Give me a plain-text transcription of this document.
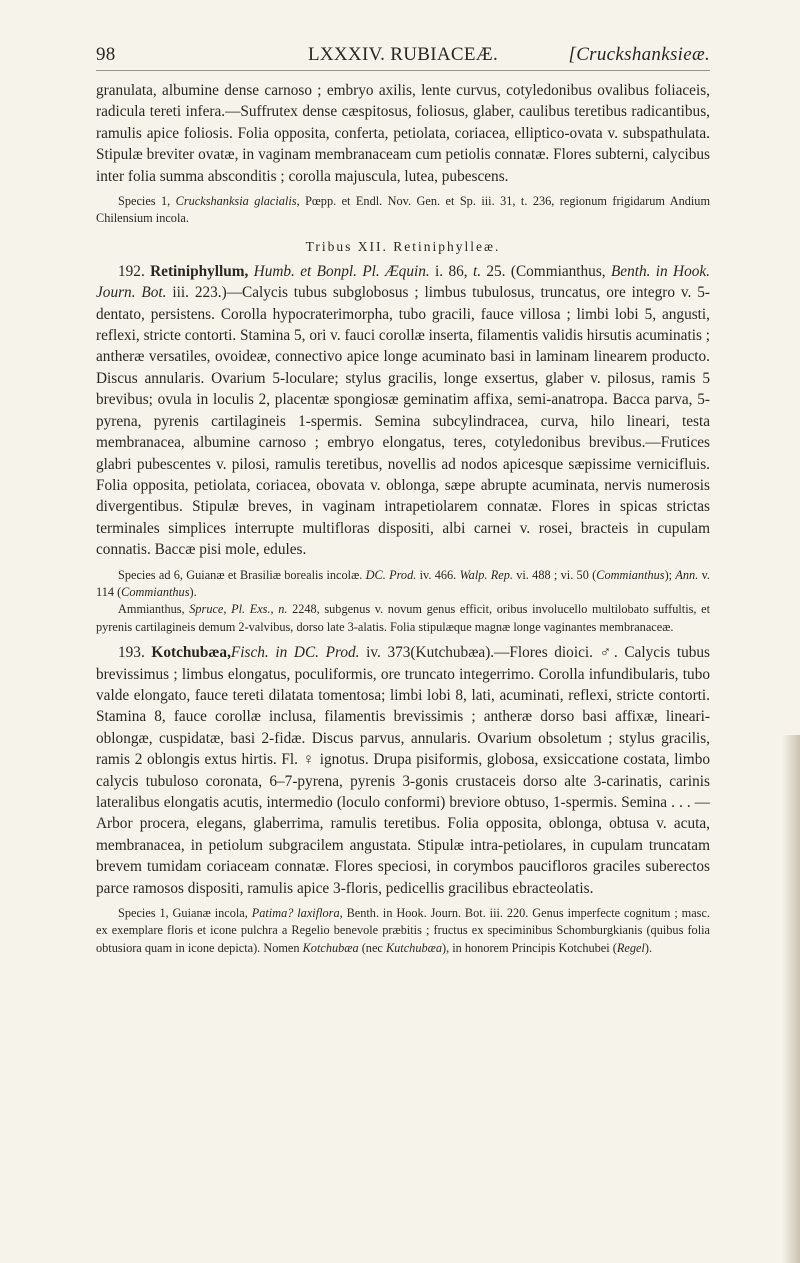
98	LXXXIV. RUBIACEÆ.	[Cruckshanksieæ.

granulata, albumine dense carnoso ; embryo axilis, lente curvus, cotyledonibus ovalibus foliaceis, radicula tereti infera.—Suffrutex dense cæspitosus, foliosus, glaber, caulibus teretibus radicantibus, ramulis apice foliosis. Folia opposita, conferta, petiolata, coriacea, elliptico-ovata v. subspathulata. Stipulæ breviter ovatæ, in vaginam membranaceam cum petiolis connatæ. Flores subterni, calycibus inter folia summa absconditis ; corolla majuscula, lutea, pubescens.

Species 1, Cruckshanksia glacialis, Pœpp. et Endl. Nov. Gen. et Sp. iii. 31, t. 236, regionum frigidarum Andium Chilensium incola.

Tribus XII. Retiniphylleæ.

192. Retiniphyllum, Humb. et Bonpl. Pl. Æquin. i. 86, t. 25. (Commianthus, Benth. in Hook. Journ. Bot. iii. 223.)—Calycis tubus subglobosus ; limbus tubulosus, truncatus, ore integro v. 5-dentato, persistens. Corolla hypocraterimorpha, tubo gracili, fauce villosa ; limbi lobi 5, angusti, reflexi, stricte contorti. Stamina 5, ori v. fauci corollæ inserta, filamentis validis hirsutis acuminatis ; antheræ versatiles, ovoideæ, connectivo apice longe acuminato basi in laminam linearem producto. Discus annularis. Ovarium 5-loculare; stylus gracilis, longe exsertus, glaber v. pilosus, ramis 5 brevibus; ovula in loculis 2, placentæ spongiosæ geminatim affixa, semi-anatropa. Bacca parva, 5-pyrena, pyrenis cartilagineis 1-spermis. Semina subcylindracea, curva, hilo lineari, testa membranacea, albumine carnoso ; embryo elongatus, teres, cotyledonibus brevibus.—Frutices glabri pubescentes v. pilosi, ramulis teretibus, novellis ad nodos apicesque sæpissime vernicifluis. Folia opposita, petiolata, coriacea, obovata v. oblonga, sæpe abrupte acuminata, nervis numerosis divergentibus. Stipulæ breves, in vaginam intrapetiolarem connatæ. Flores in spicas strictas terminales simplices interrupte multifloras dispositi, albi carnei v. rosei, bracteis in cupulam connatis. Baccæ pisi mole, edules.

Species ad 6, Guianæ et Brasiliæ borealis incolæ. DC. Prod. iv. 466. Walp. Rep. vi. 488 ; vi. 50 (Commianthus); Ann. v. 114 (Commianthus).

Ammianthus, Spruce, Pl. Exs., n. 2248, subgenus v. novum genus efficit, oribus involucello multilobato suffultis, et pyrenis cartilagineis demum 2-valvibus, dorso late 3-alatis. Folia stipulæque magnæ longe vaginantes membranaceæ.

193. Kotchubæa,Fisch. in DC. Prod. iv. 373(Kutchubæa).—Flores dioici. ♂. Calycis tubus brevissimus ; limbus elongatus, poculiformis, ore truncato integerrimo. Corolla infundibularis, tubo valde elongato, fauce tereti dilatata tomentosa; limbi lobi 8, lati, acuminati, reflexi, stricte contorti. Stamina 8, fauce corollæ inclusa, filamentis brevissimis ; antheræ dorso basi affixæ, lineari-oblongæ, cuspidatæ, basi 2-fidæ. Discus parvus, annularis. Ovarium obsoletum ; stylus gracilis, ramis 2 oblongis extus hirtis. Fl. ♀ ignotus. Drupa pisiformis, globosa, exsiccatione costata, limbo calycis tubuloso coronata, 6–7-pyrena, pyrenis 3-gonis crustaceis dorso alte 3-carinatis, carinis lateralibus elongatis acutis, intermedio (loculo conformi) breviore obtuso, 1-spermis. Semina . . . —Arbor procera, elegans, glaberrima, ramulis teretibus. Folia opposita, oblonga, obtusa v. acuta, membranacea, in petiolum subgracilem angustata. Stipulæ intra-petiolares, in cupulam truncatam brevem tumidam coriaceam connatæ. Flores speciosi, in corymbos paucifloros graciles suberectos parce ramosos dispositi, ramulis apice 3-floris, pedicellis gracilibus ebracteolatis.

Species 1, Guianæ incola, Patima? laxiflora, Benth. in Hook. Journ. Bot. iii. 220. Genus imperfecte cognitum ; masc. ex exemplare floris et icone pulchra a Regelio benevole præbitis ; fructus ex speciminibus Schomburgkianis (quibus folia obtusiora quam in icone depicta). Nomen Kotchubæa (nec Kutchubæa), in honorem Principis Kotchubei (Regel).
